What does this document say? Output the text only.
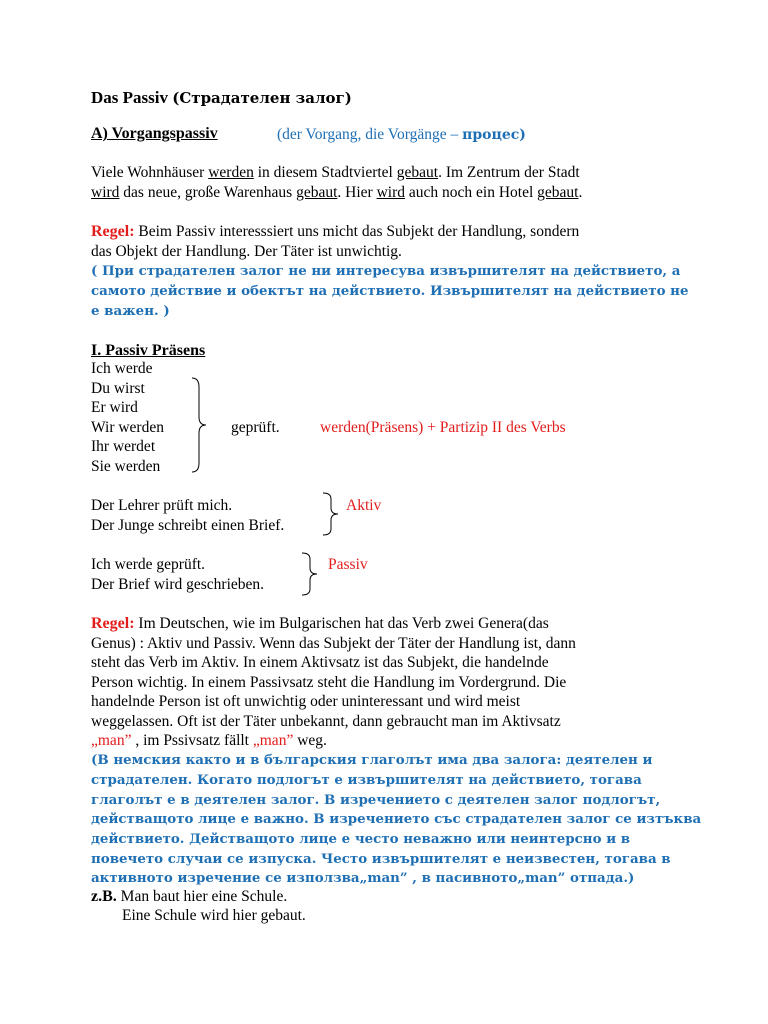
Das Passiv (Страдателен залог)
A) Vorgangspassiv	(der Vorgang, die Vorgänge – процес)
Viele Wohnhäuser werden in diesem Stadtviertel gebaut. Im Zentrum der Stadt
wird das neue, große Warenhaus gebaut. Hier wird auch noch ein Hotel gebaut.
Regel: Beim Passiv interesssiert uns micht das Subjekt der Handlung, sondern
das Objekt der Handlung. Der Täter ist unwichtig.
( При страдателен залог не ни интересува извършителят на действието, а
самото действие и обектът на действието. Извършителят на действието не
е важен. )
I. Passiv Präsens
Ich werde
Du wirst
Er wird
Wir werden
Ihr werdet
Sie werden
geprüft.	werden(Präsens) + Partizip II des Verbs
Der Lehrer prüft mich.
Der Junge schreibt einen Brief.
Aktiv
Ich werde geprüft.
Der Brief wird geschrieben.
Passiv
Regel: Im Deutschen, wie im Bulgarischen hat das Verb zwei Genera(das
Genus) : Aktiv und Passiv. Wenn das Subjekt der Täter der Handlung ist, dann
steht das Verb im Aktiv. In einem Aktivsatz ist das Subjekt, die handelnde
Person wichtig. In einem Passivsatz steht die Handlung im Vordergrund. Die
handelnde Person ist oft unwichtig oder uninteressant und wird meist
weggelassen. Oft ist der Täter unbekannt, dann gebraucht man im Aktivsatz
„man” , im Pssivsatz fällt „man” weg.
(В немския както и в българския глаголът има два залога: деятелен и
страдателен. Когато подлогът е извършителят на действието, тогава
глаголът е в деятелен залог. В изречението с деятелен залог подлогът,
действащото лице е важно. В изречението със страдателен залог се изтъква
действието. Действащото лице е често неважно или неинтерсно и в
повечето случаи се изпуска. Често извършителят е неизвестен, тогава в
активното изречение се използва„man” , в пасивното„man” отпада.)
z.B. Man baut hier eine Schule.
Eine Schule wird hier gebaut.
